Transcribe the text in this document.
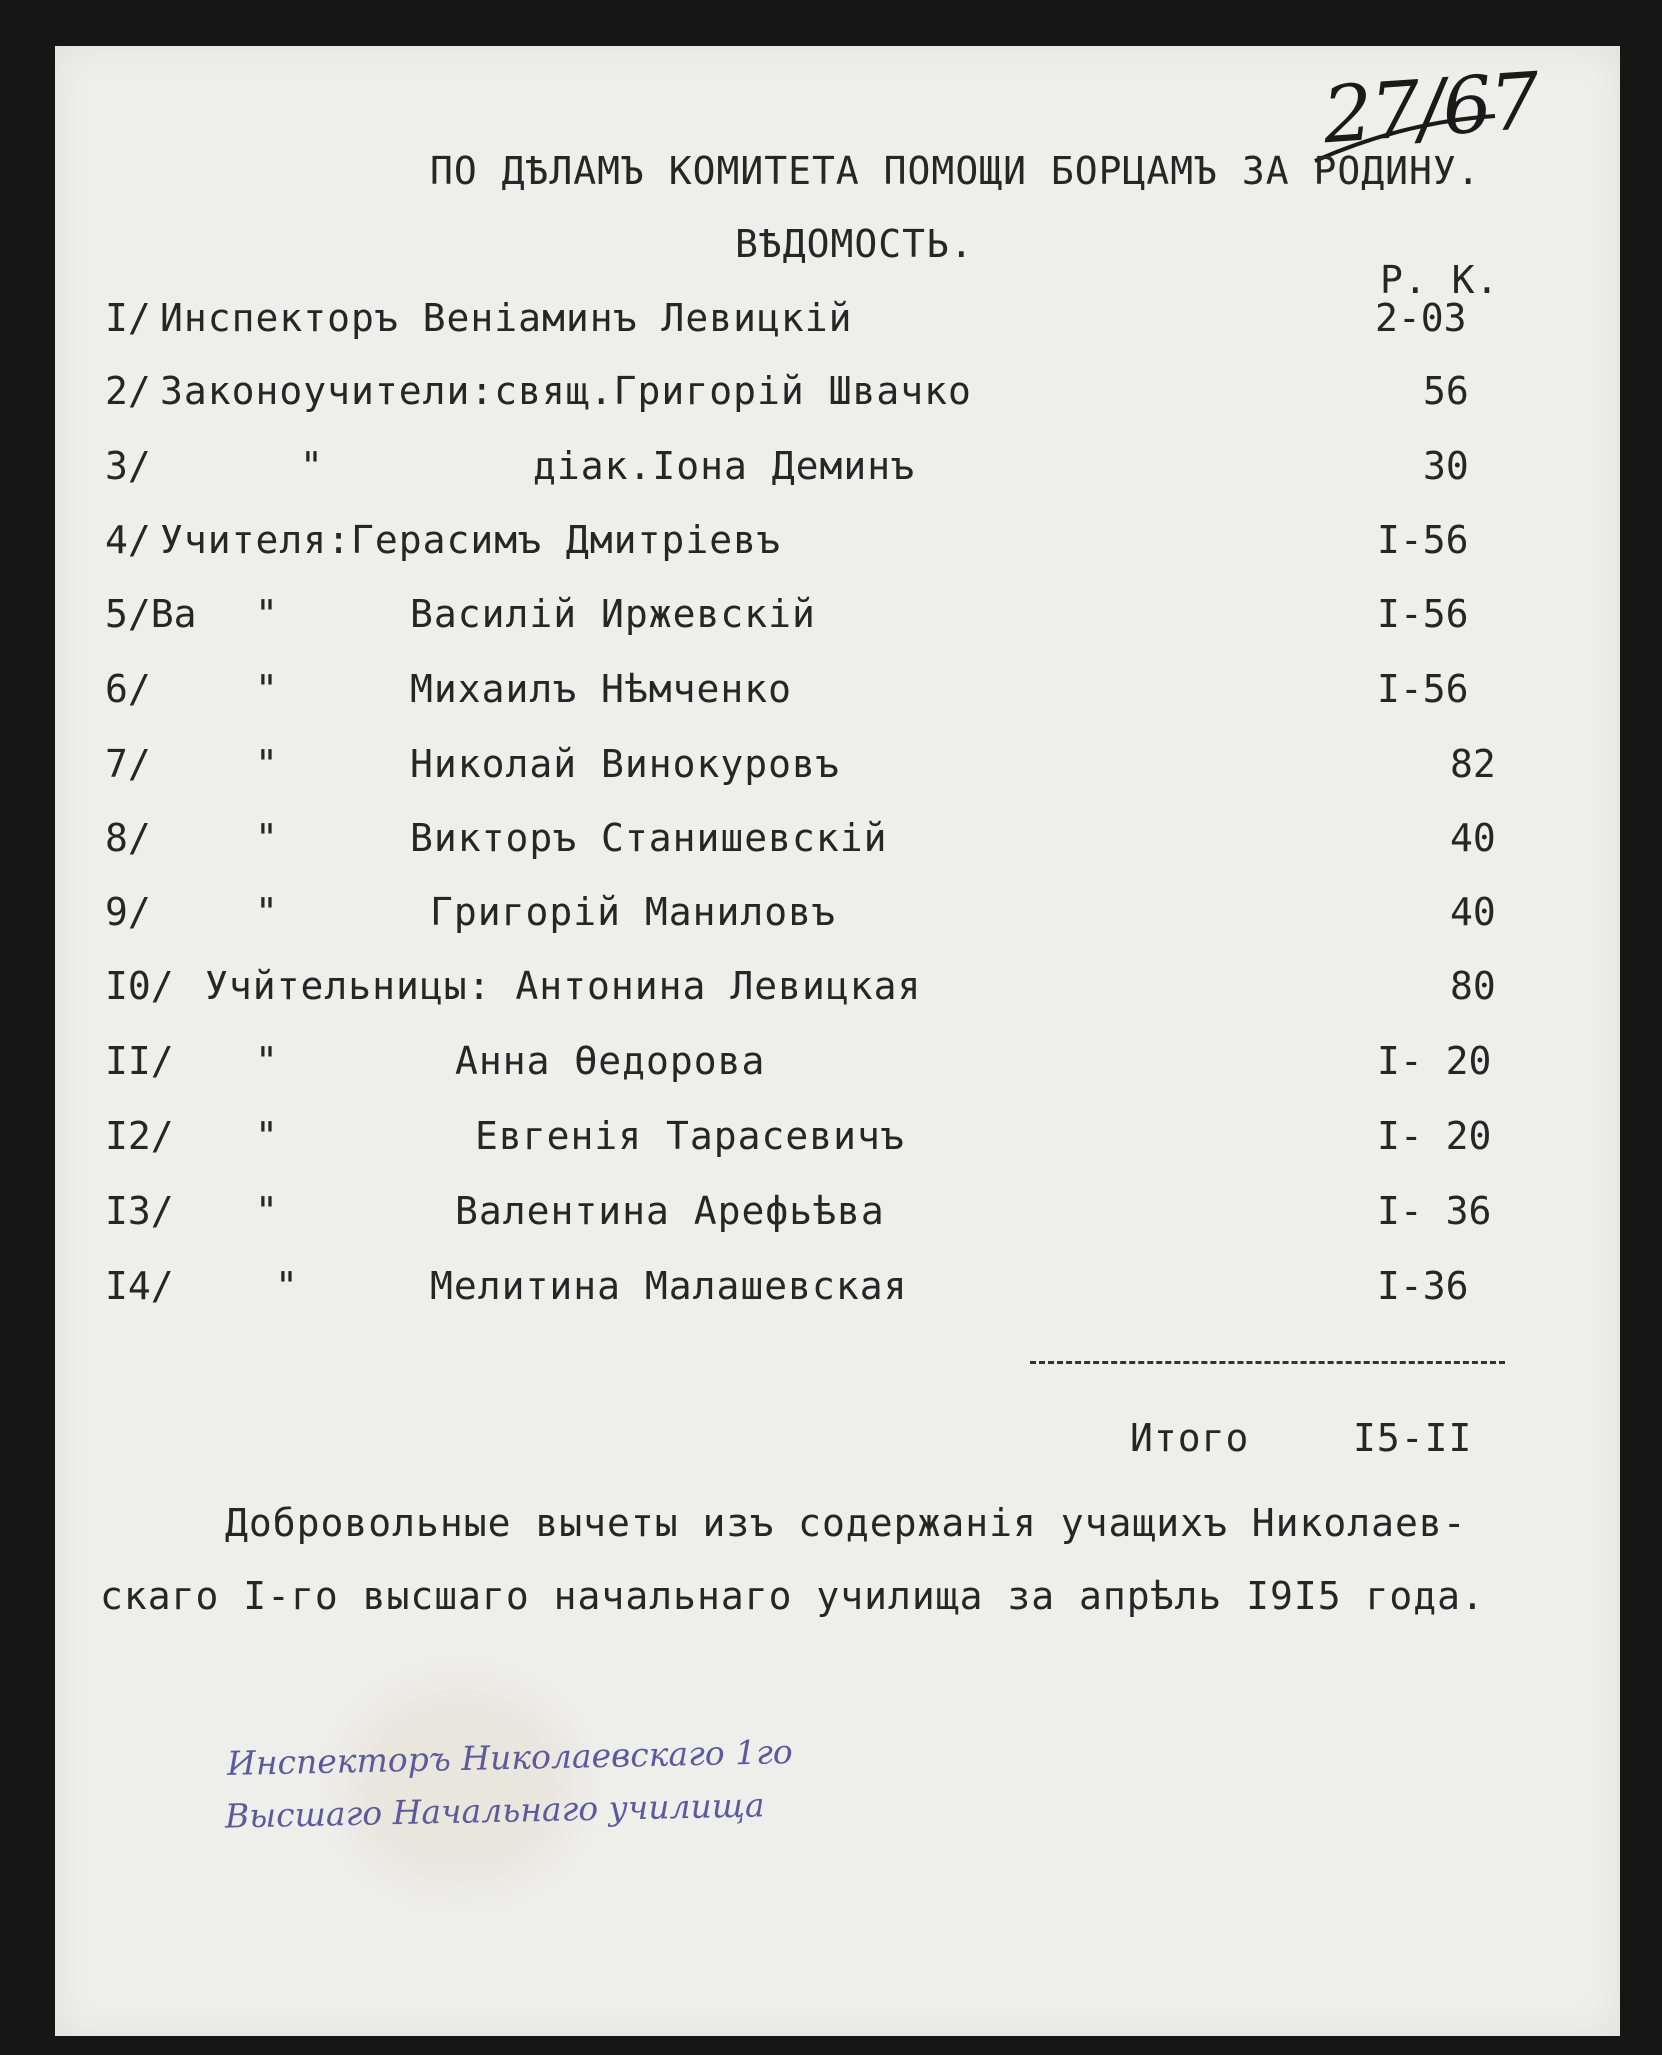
27/67
ПО ДѢЛАМЪ КОМИТЕТА ПОМОЩИ БОРЦАМЪ ЗА РОДИНУ.
ВѢДОМОСТЬ.
Р. К.
I/ Инспекторъ Веніаминъ Левицкій	2-03
2/ Законоучители:свящ.Григорій Швачко	56
3/	"	діак.Іона Деминъ	30
4/ Учителя:Герасимъ Дмитріевъ	I-56
5/Ва "	Василій Иржевскій	I-56
6/	"	Михаилъ Нѣмченко	I-56
7/	"	Николай Винокуровъ	82
8/	"	Викторъ Станишевскій	40
9/	"	Григорій Маниловъ	40
I0/ Учйтельницы: Антонина Левицкая	80
II/ "	Анна Өедорова	I- 20
I2/ "	Евгенія Тарасевичъ	I- 20
I3/ "	Валентина Арефьѣва	I- 36
I4/	"	Мелитина Малашевская	I-36
Итого	I5-II
Добровольные вычеты изъ содержанія учащихъ Николаев-
скаго I-го высшаго начальнаго училища за апрѣль I9I5 года.
Инспекторъ Николаевскаго 1го
Высшаго Начальнаго училища
